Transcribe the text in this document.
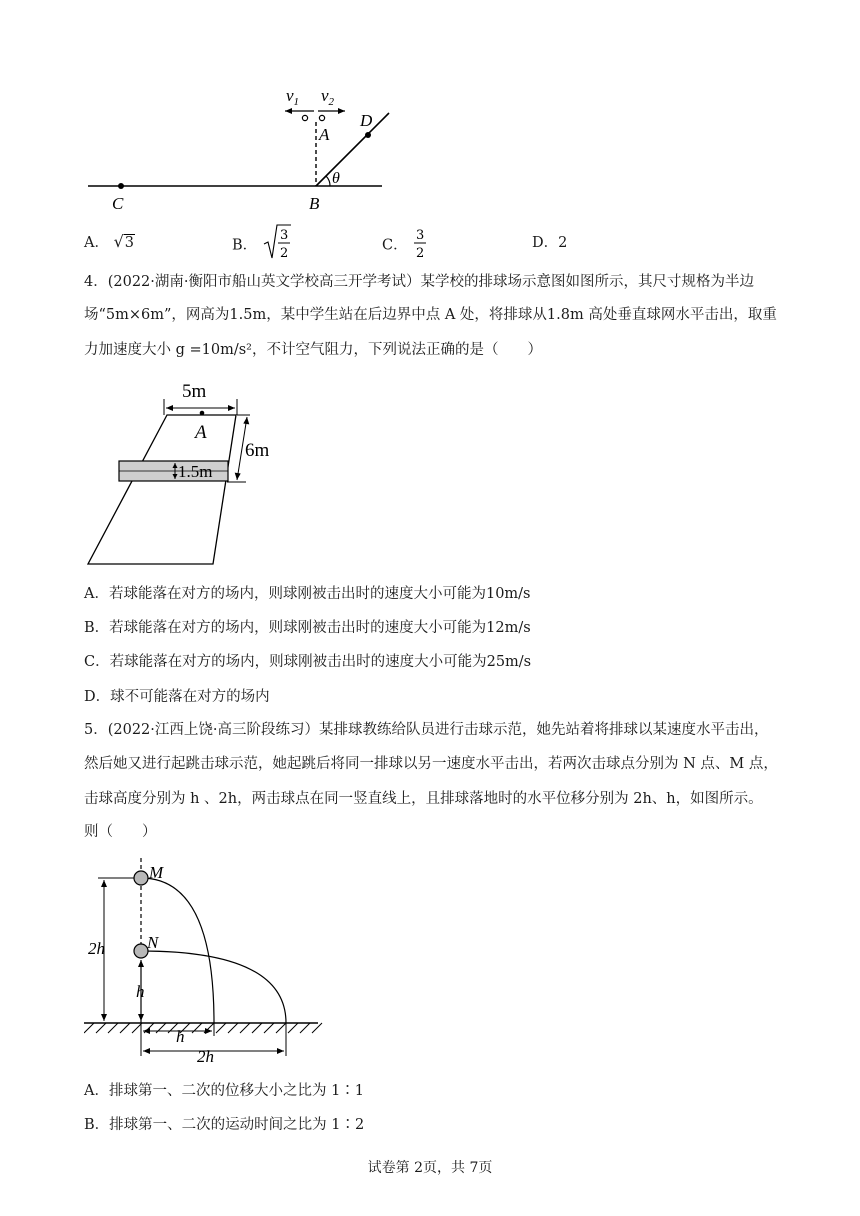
$v_1$ $v_2$
A
D
θ
C	B
A． √3	B．
3
2	C．
3
2
D．2
4．(2022·湖南·衡阳市船山英文学校高三开学考试）某学校的排球场示意图如图所示，其尺寸规格为半边
场“5m×6m”，网高为1.5m，某中学生站在后边界中点 A 处，将排球从1.8m 高处垂直球网水平击出，取重
力加速度大小 g =10m/s²，不计空气阻力，下列说法正确的是（　　）
5m
A
6m
1.5m
A．若球能落在对方的场内，则球刚被击出时的速度大小可能为10m/s
B．若球能落在对方的场内，则球刚被击出时的速度大小可能为12m/s
C．若球能落在对方的场内，则球刚被击出时的速度大小可能为25m/s
D．球不可能落在对方的场内
5．(2022·江西上饶·高三阶段练习）某排球教练给队员进行击球示范，她先站着将排球以某速度水平击出，
然后她又进行起跳击球示范，她起跳后将同一排球以另一速度水平击出，若两次击球点分别为 N 点、M 点，
击球高度分别为 h 、2h，两击球点在同一竖直线上，且排球落地时的水平位移分别为 2h、h，如图所示。
则（　　）
2h
h
M
N
h
2h
A．排球第一、二次的位移大小之比为 1∶1
B．排球第一、二次的运动时间之比为 1∶2
试卷第 2页，共 7页
